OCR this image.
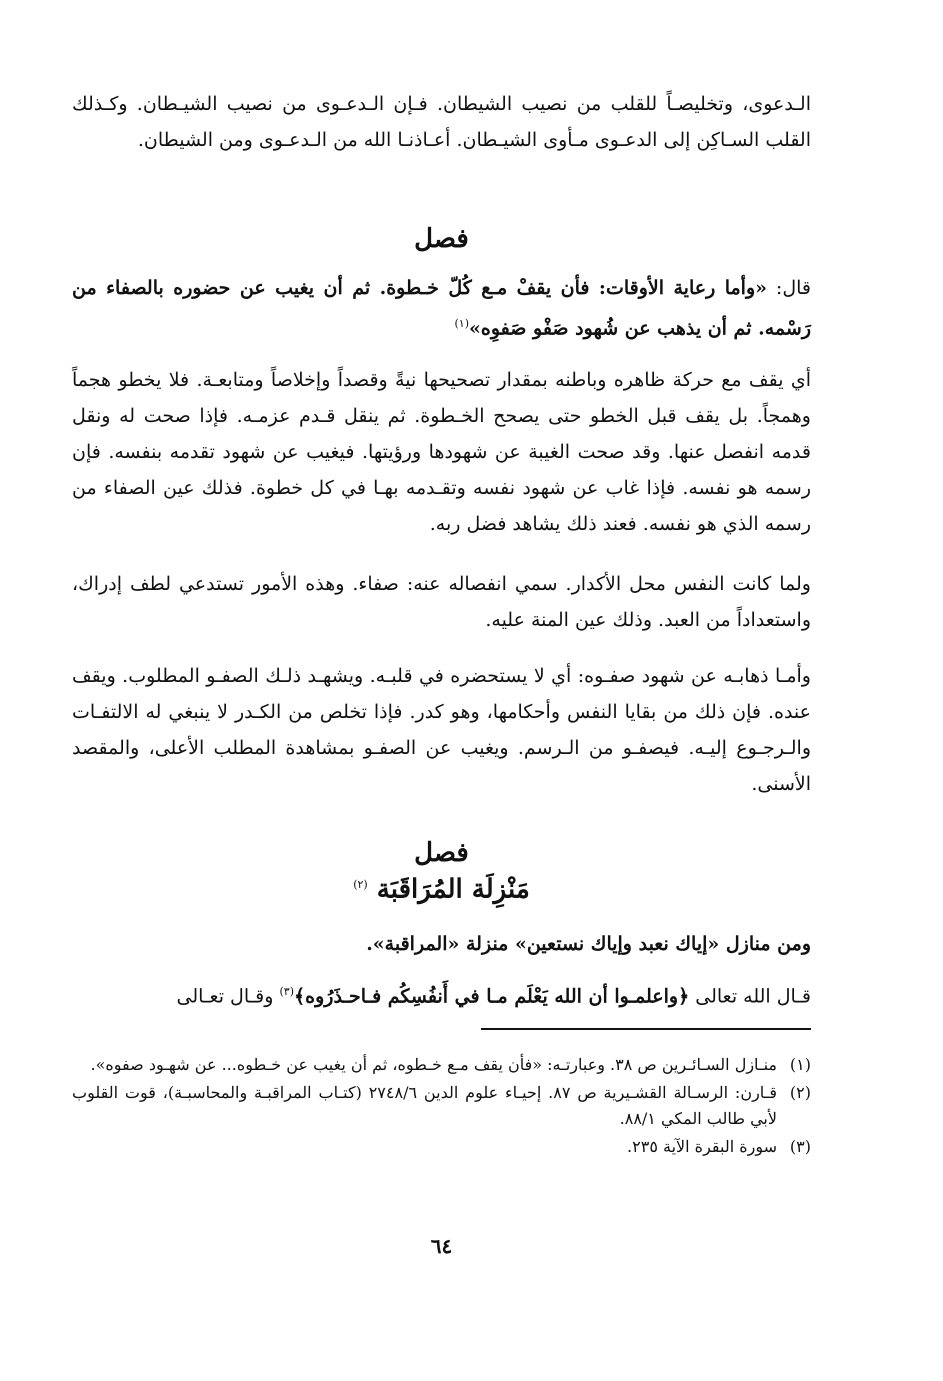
الـدعوى، وتخليصـاً للقلب من نصيب الشيطان. فـإن الـدعـوى من نصيب الشيـطان. وكـذلك القلب السـاكِن إلى الدعـوى مـأوى الشيـطان. أعـاذنـا الله من الـدعـوى ومن الشيطان.

فصل

قال: «وأما رعاية الأوقات: فأن يقفْ مـع كُلّ خـطوة. ثم أن يغيب عن حضوره بالصفاء من رَسْمه. ثم أن يذهب عن شُهود صَفْو صَفوِه»$^{(١)}$

أي يقف مع حركة ظاهره وباطنه بمقدار تصحيحها نيةً وقصداً وإخلاصاً ومتابعـة. فلا يخطو هجماً وهمجاً. بل يقف قبل الخطو حتى يصحح الخـطوة. ثم ينقل قـدم عزمـه. فإذا صحت له ونقل قدمه انفصل عنها. وقد صحت الغيبة عن شهودها ورؤيتها. فيغيب عن شهود تقدمه بنفسه. فإن رسمه هو نفسه. فإذا غاب عن شهود نفسه وتقـدمه بهـا في كل خطوة. فذلك عين الصفاء من رسمه الذي هو نفسه. فعند ذلك يشاهد فضل ربه.

ولما كانت النفس محل الأكدار. سمي انفصاله عنه: صفاء. وهذه الأمور تستدعي لطف إدراك، واستعداداً من العبد. وذلك عين المنة عليه.

وأمـا ذهابـه عن شهود صفـوه: أي لا يستحضره في قلبـه. ويشهـد ذلـك الصفـو المطلوب. ويقف عنده. فإن ذلك من بقايا النفس وأحكامها، وهو كدر. فإذا تخلص من الكـدر لا ينبغي له الالتفـات والـرجـوع إليـه. فيصفـو من الـرسم. ويغيب عن الصفـو بمشاهدة المطلب الأعلى، والمقصد الأسنى.

فصل
مَنْزِلَة المُرَاقَبَة $^{(٢)}$

ومن منازل «إياك نعبد وإياك نستعين» منزلة «المراقبة».

قـال الله تعالى ﴿واعلمـوا أن الله يَعْلَم مـا في أَنفُسِكُم فـاحـذَرُوه﴾$^{(٣)}$ وقـال تعـالى

(١)
منـازل السـائـرين ص ٣٨. وعبارتـه: «فأن يقف مـع خـطوه، ثم أن يغيب عن خـطوه... عن شهـود صفوه».
(٢)
قـارن: الرسـالة القشـيرية ص ٨٧. إحيـاء علوم الدين ٢٧٤٨/٦ (كتـاب المراقبـة والمحاسبـة)، قوت القلوب لأبي طالب المكي ٨٨/١.
(٣)
سورة البقرة الآية ٢٣٥.
٦٤
